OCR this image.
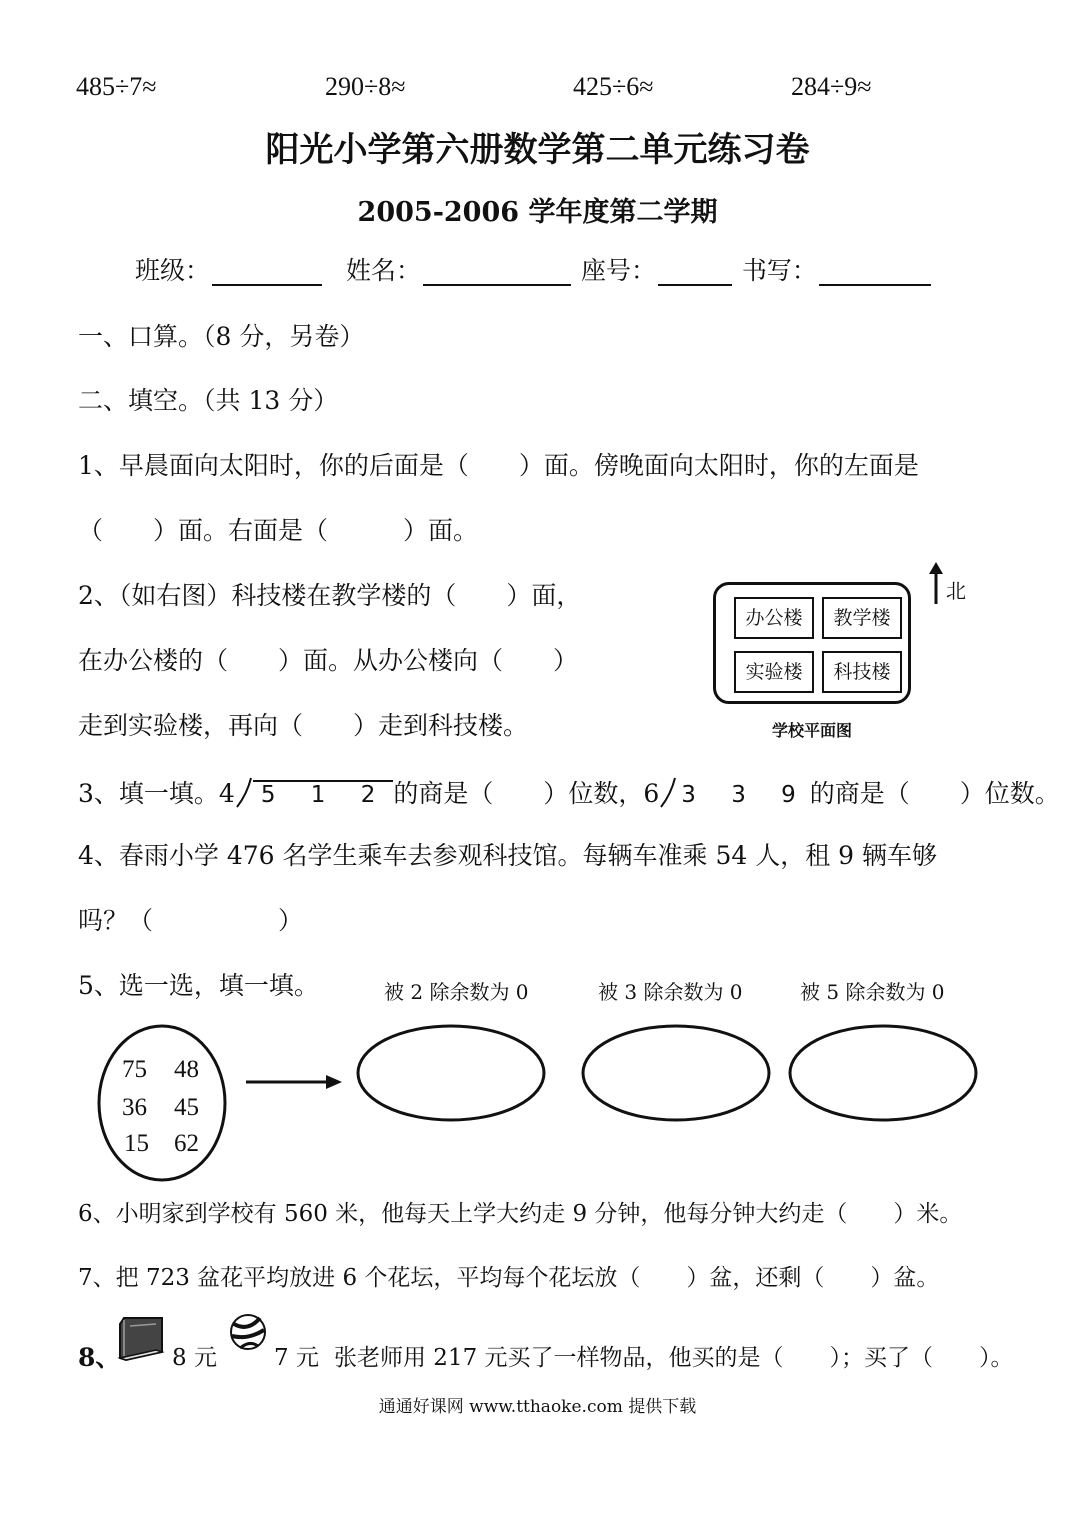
485÷7≈	290÷8≈	425÷6≈	284÷9≈
阳光小学第六册数学第二单元练习卷
2005-2006 学年度第二学期
班级：	姓名：	座号：	书写：
一、口算。（8 分，另卷）
二、填空。（共 13 分）
1、早晨面向太阳时，你的后面是（　　）面。傍晚面向太阳时，你的左面是
（　　）面。右面是（　　　）面。
2、（如右图）科技楼在教学楼的（　　）面，
在办公楼的（　　）面。从办公楼向（　　）
走到实验楼，再向（　　）走到科技楼。
办公楼	教学楼
实验楼	科技楼
北
学校平面图
3、填一填。4 5 1 2 的商是（　　）位数，6 3 3 9的商是（　　）位数。
4、春雨小学 476 名学生乘车去参观科技馆。每辆车准乘 54 人，租 9 辆车够
吗？（　　　　　）
5、选一选，填一填。	被 2 除余数为 0	被 3 除余数为 0	被 5 除余数为 0
75 48
36 45
15 62
6、小明家到学校有 560 米，他每天上学大约走 9 分钟，他每分钟大约走（　　）米。
7、把 723 盆花平均放进 6 个花坛，平均每个花坛放（　　）盆，还剩（　　）盆。
8、 8 元 7 元 张老师用 217 元买了一样物品，他买的是（　　）；买了（　　）。
通通好课网 www.tthaoke.com 提供下载
